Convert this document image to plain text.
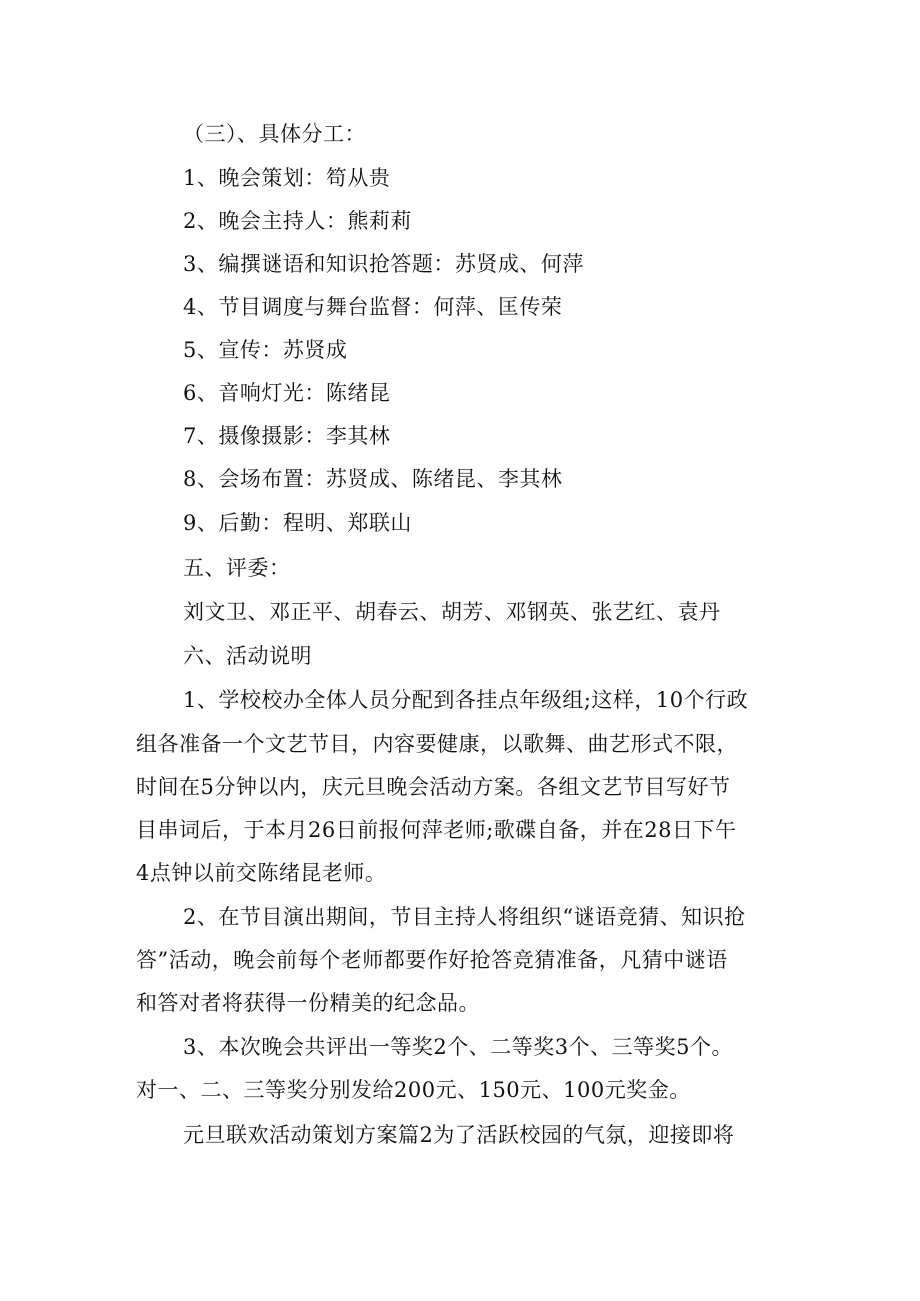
（三）、具体分工：
1、晚会策划：笱从贵
2、晚会主持人：熊莉莉
3、编撰谜语和知识抢答题：苏贤成、何萍
4、节目调度与舞台监督：何萍、匡传荣
5、宣传：苏贤成
6、音响灯光：陈绪昆
7、摄像摄影：李其林
8、会场布置：苏贤成、陈绪昆、李其林
9、后勤：程明、郑联山
五、评委：
刘文卫、邓正平、胡春云、胡芳、邓钢英、张艺红、袁丹
六、活动说明
1、学校校办全体人员分配到各挂点年级组;这样，10个行政
组各准备一个文艺节目，内容要健康，以歌舞、曲艺形式不限，
时间在5分钟以内，庆元旦晚会活动方案。各组文艺节目写好节
目串词后，于本月26日前报何萍老师;歌碟自备，并在28日下午
4点钟以前交陈绪昆老师。
2、在节目演出期间，节目主持人将组织“谜语竞猜、知识抢
答”活动，晚会前每个老师都要作好抢答竞猜准备，凡猜中谜语
和答对者将获得一份精美的纪念品。
3、本次晚会共评出一等奖2个、二等奖3个、三等奖5个。
对一、二、三等奖分别发给200元、150元、100元奖金。
元旦联欢活动策划方案篇2为了活跃校园的气氛，迎接即将
